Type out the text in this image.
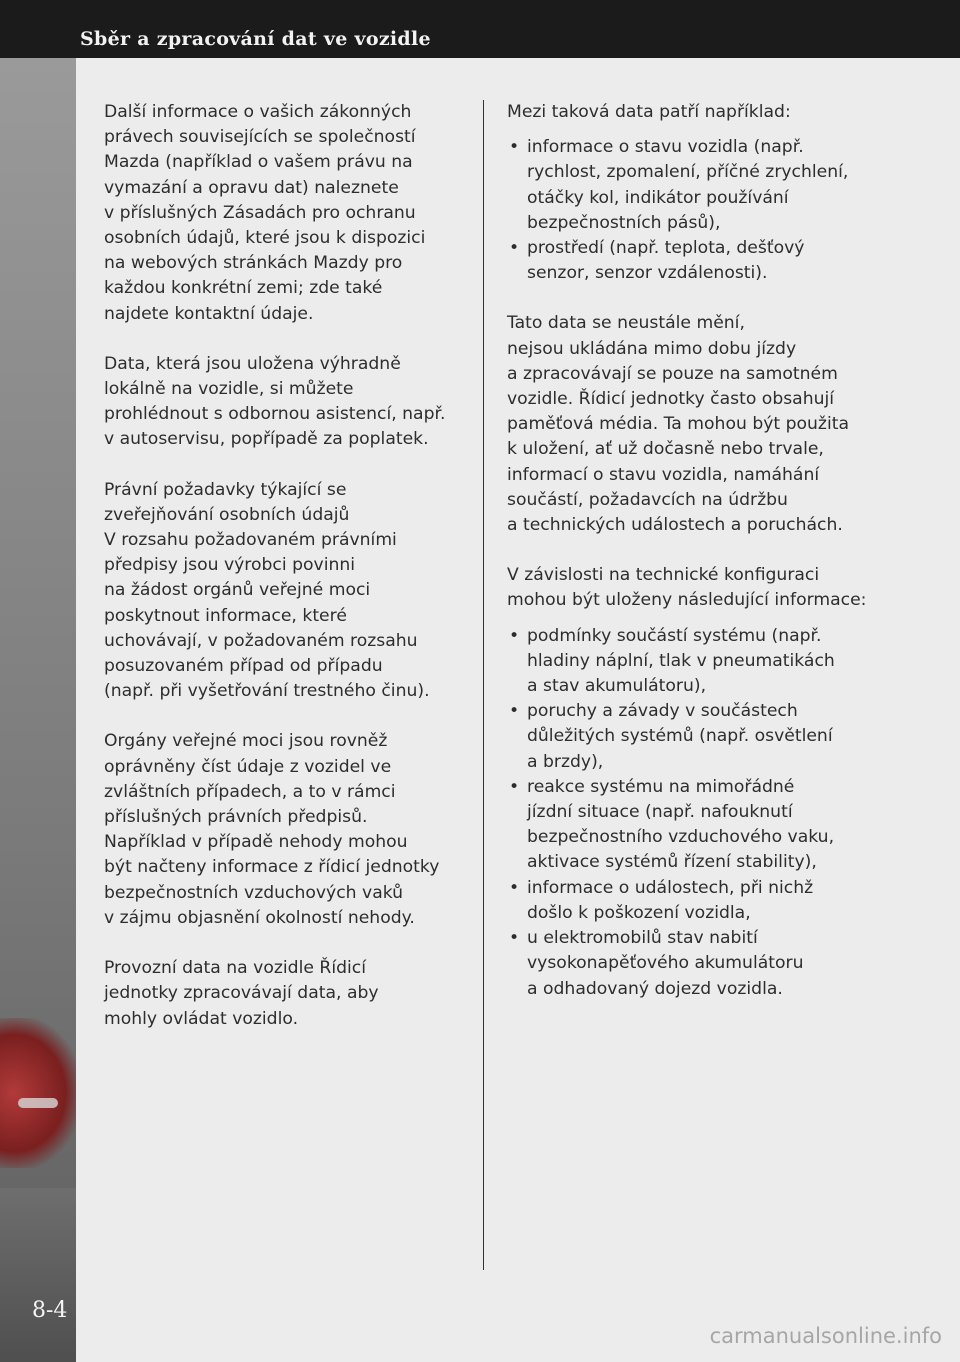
Sběr a zpracování dat ve vozidle
8-4

Další informace o vašich zákonných
právech souvisejících se společností
Mazda (například o vašem právu na
vymazání a opravu dat) naleznete
v příslušných Zásadách pro ochranu
osobních údajů, které jsou k dispozici
na webových stránkách Mazdy pro
každou konkrétní zemi; zde také
najdete kontaktní údaje.

Data, která jsou uložena výhradně
lokálně na vozidle, si můžete
prohlédnout s odbornou asistencí, např.
v autoservisu, popřípadě za poplatek.

Právní požadavky týkající se
zveřejňování osobních údajů
V rozsahu požadovaném právními
předpisy jsou výrobci povinni
na žádost orgánů veřejné moci
poskytnout informace, které
uchovávají, v požadovaném rozsahu
posuzovaném případ od případu
(např. při vyšetřování trestného činu).

Orgány veřejné moci jsou rovněž
oprávněny číst údaje z vozidel ve
zvláštních případech, a to v rámci
příslušných právních předpisů.
Například v případě nehody mohou
být načteny informace z řídicí jednotky
bezpečnostních vzduchových vaků
v zájmu objasnění okolností nehody.

Provozní data na vozidle Řídicí
jednotky zpracovávají data, aby
mohly ovládat vozidlo.

Mezi taková data patří například:

• informace o stavu vozidla (např.
rychlost, zpomalení, příčné zrychlení,
otáčky kol, indikátor používání
bezpečnostních pásů),
• prostředí (např. teplota, dešťový
senzor, senzor vzdálenosti).

Tato data se neustále mění,
nejsou ukládána mimo dobu jízdy
a zpracovávají se pouze na samotném
vozidle. Řídicí jednotky často obsahují
paměťová média. Ta mohou být použita
k uložení, ať už dočasně nebo trvale,
informací o stavu vozidla, namáhání
součástí, požadavcích na údržbu
a technických událostech a poruchách.

V závislosti na technické konfiguraci
mohou být uloženy následující informace:

• podmínky součástí systému (např.
hladiny náplní, tlak v pneumatikách
a stav akumulátoru),
• poruchy a závady v součástech
důležitých systémů (např. osvětlení
a brzdy),
• reakce systému na mimořádné
jízdní situace (např. nafouknutí
bezpečnostního vzduchového vaku,
aktivace systémů řízení stability),
• informace o událostech, při nichž
došlo k poškození vozidla,
• u elektromobilů stav nabití
vysokonapěťového akumulátoru
a odhadovaný dojezd vozidla.
carmanualsonline.info
